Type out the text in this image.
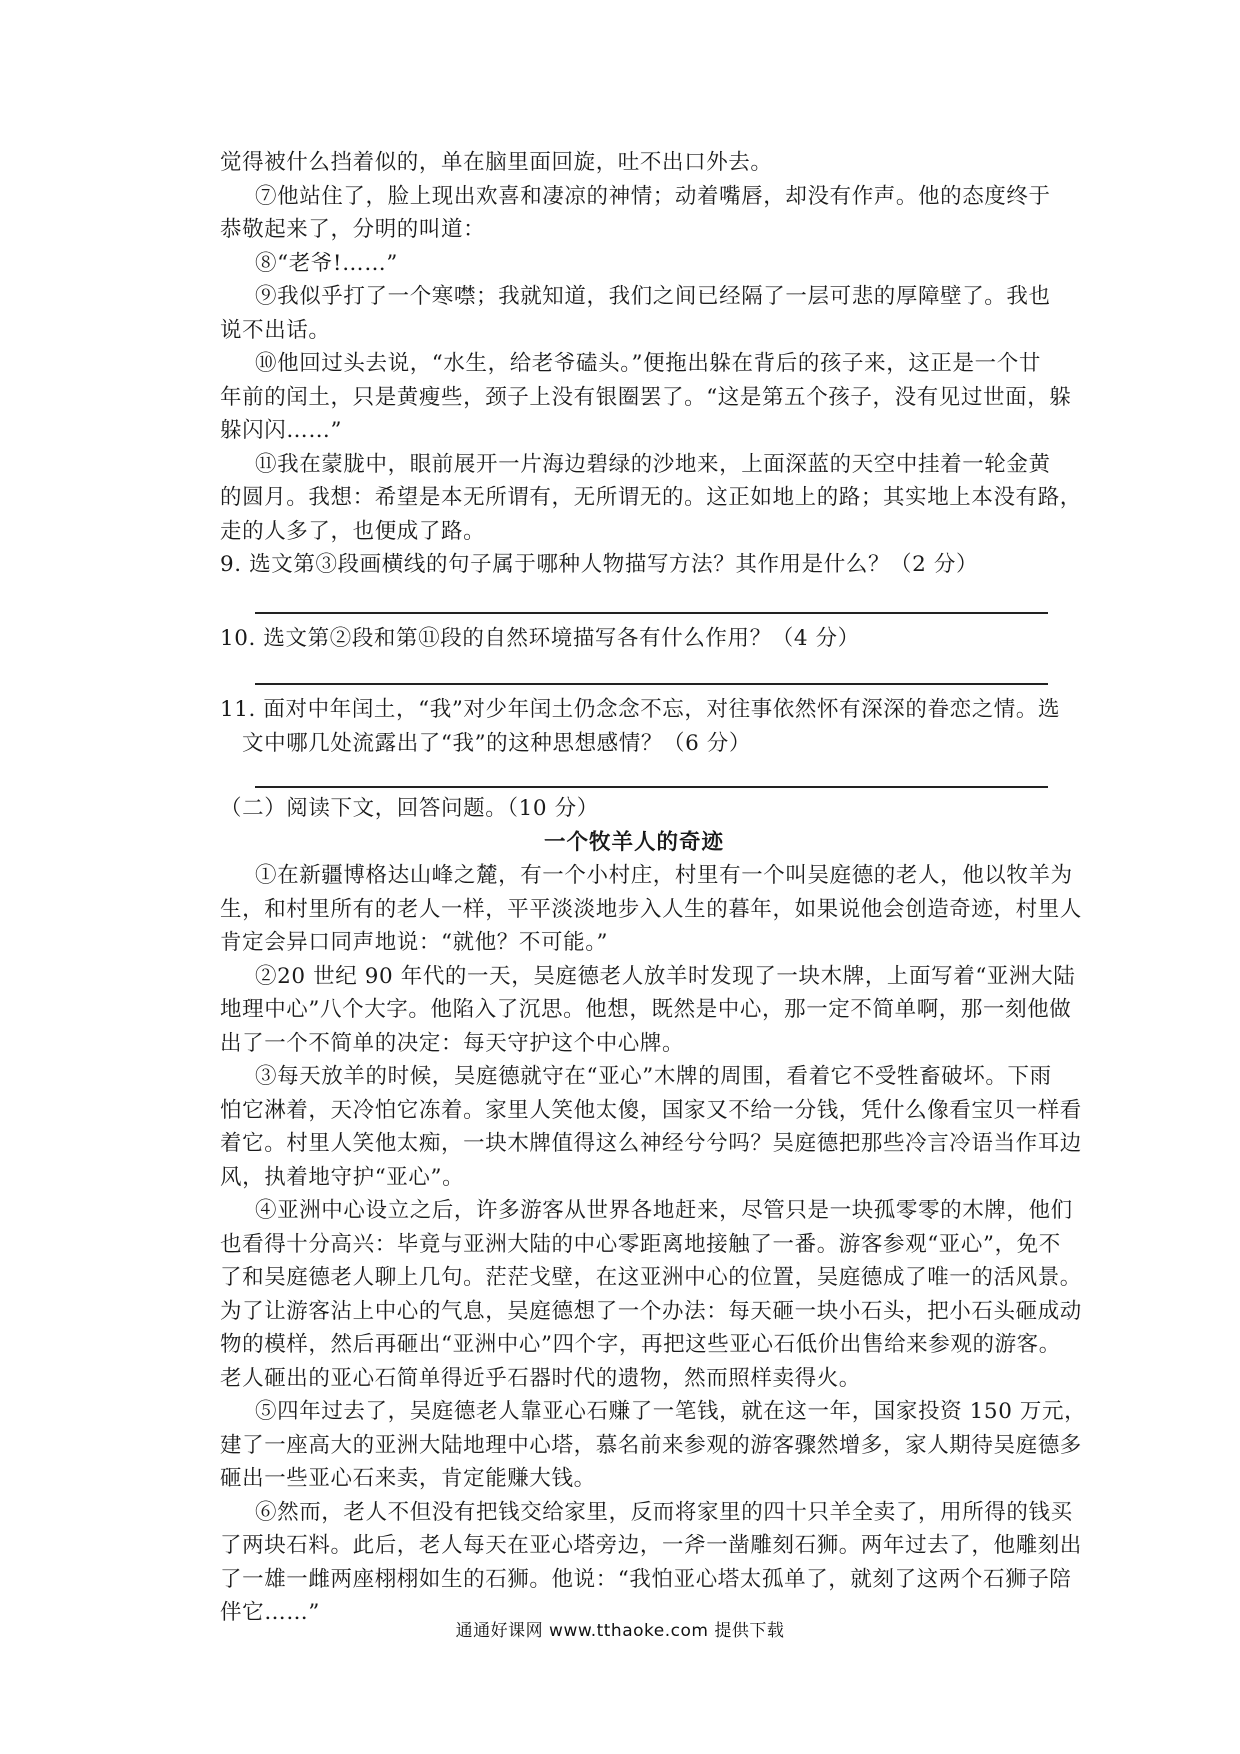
觉得被什么挡着似的，单在脑里面回旋，吐不出口外去。
⑦他站住了，脸上现出欢喜和凄凉的神情；动着嘴唇，却没有作声。他的态度终于
恭敬起来了，分明的叫道：
⑧“老爷!……”
⑨我似乎打了一个寒噤；我就知道，我们之间已经隔了一层可悲的厚障壁了。我也
说不出话。
⑩他回过头去说，“水生，给老爷磕头。”便拖出躲在背后的孩子来，这正是一个廿
年前的闰土，只是黄瘦些，颈子上没有银圈罢了。“这是第五个孩子，没有见过世面，躲
躲闪闪……”
⑪我在蒙胧中，眼前展开一片海边碧绿的沙地来，上面深蓝的天空中挂着一轮金黄
的圆月。我想：希望是本无所谓有，无所谓无的。这正如地上的路；其实地上本没有路，
走的人多了，也便成了路。
9. 选文第③段画横线的句子属于哪种人物描写方法？其作用是什么？（2 分）
10. 选文第②段和第⑪段的自然环境描写各有什么作用？（4 分）
11. 面对中年闰土，“我”对少年闰土仍念念不忘，对往事依然怀有深深的眷恋之情。选
文中哪几处流露出了“我”的这种思想感情？（6 分）
（二）阅读下文，回答问题。（10 分）
一个牧羊人的奇迹
①在新疆博格达山峰之麓，有一个小村庄，村里有一个叫吴庭德的老人，他以牧羊为
生，和村里所有的老人一样，平平淡淡地步入人生的暮年，如果说他会创造奇迹，村里人
肯定会异口同声地说：“就他？不可能。”
②20 世纪 90 年代的一天，吴庭德老人放羊时发现了一块木牌，上面写着“亚洲大陆
地理中心”八个大字。他陷入了沉思。他想，既然是中心，那一定不简单啊，那一刻他做
出了一个不简单的决定：每天守护这个中心牌。
③每天放羊的时候，吴庭德就守在“亚心”木牌的周围，看着它不受牲畜破坏。下雨
怕它淋着，天冷怕它冻着。家里人笑他太傻，国家又不给一分钱，凭什么像看宝贝一样看
着它。村里人笑他太痴，一块木牌值得这么神经兮兮吗？吴庭德把那些冷言冷语当作耳边
风，执着地守护“亚心”。
④亚洲中心设立之后，许多游客从世界各地赶来，尽管只是一块孤零零的木牌，他们
也看得十分高兴：毕竟与亚洲大陆的中心零距离地接触了一番。游客参观“亚心”，免不
了和吴庭德老人聊上几句。茫茫戈壁，在这亚洲中心的位置，吴庭德成了唯一的活风景。
为了让游客沾上中心的气息，吴庭德想了一个办法：每天砸一块小石头，把小石头砸成动
物的模样，然后再砸出“亚洲中心”四个字，再把这些亚心石低价出售给来参观的游客。
老人砸出的亚心石简单得近乎石器时代的遗物，然而照样卖得火。
⑤四年过去了，吴庭德老人靠亚心石赚了一笔钱，就在这一年，国家投资 150 万元，
建了一座高大的亚洲大陆地理中心塔，慕名前来参观的游客骤然增多，家人期待吴庭德多
砸出一些亚心石来卖，肯定能赚大钱。
⑥然而，老人不但没有把钱交给家里，反而将家里的四十只羊全卖了，用所得的钱买
了两块石料。此后，老人每天在亚心塔旁边，一斧一凿雕刻石狮。两年过去了，他雕刻出
了一雄一雌两座栩栩如生的石狮。他说：“我怕亚心塔太孤单了，就刻了这两个石狮子陪
伴它……”
通通好课网 www.tthaoke.com 提供下载
